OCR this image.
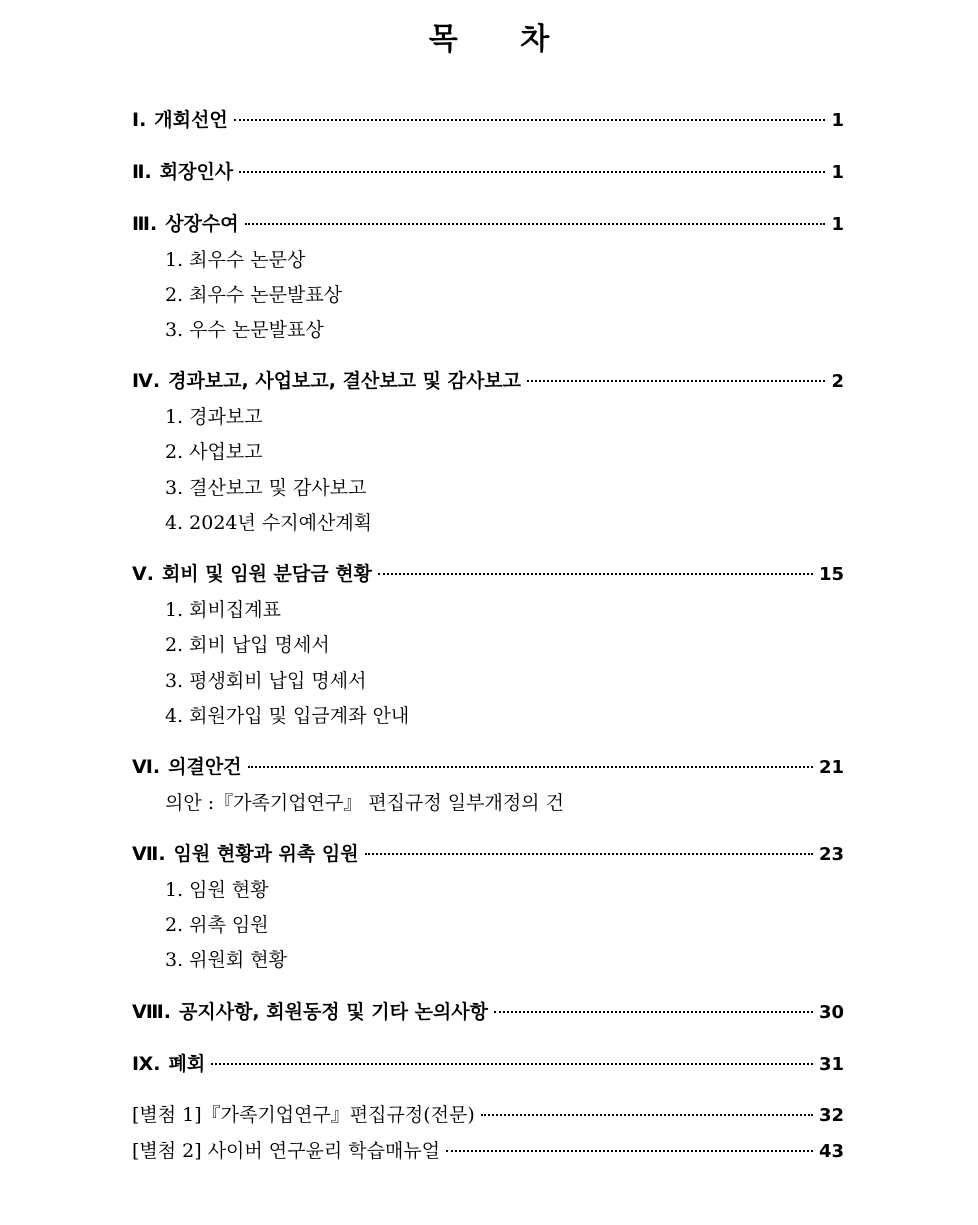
목 차
Ⅰ. 개회선언	1
Ⅱ. 회장인사	1
Ⅲ. 상장수여	1
1. 최우수 논문상
2. 최우수 논문발표상
3. 우수 논문발표상
Ⅳ. 경과보고, 사업보고, 결산보고 및 감사보고	2
1. 경과보고
2. 사업보고
3. 결산보고 및 감사보고
4. 2024년 수지예산계획
Ⅴ. 회비 및 임원 분담금 현황	15
1. 회비집계표
2. 회비 납입 명세서
3. 평생회비 납입 명세서
4. 회원가입 및 입금계좌 안내
Ⅵ. 의결안건	21
의안 :『가족기업연구』 편집규정 일부개정의 건
Ⅶ. 임원 현황과 위촉 임원	23
1. 임원 현황
2. 위촉 임원
3. 위원회 현황
Ⅷ. 공지사항, 회원동정 및 기타 논의사항	30
Ⅸ. 폐회	31
[별첨 1]『가족기업연구』편집규정(전문)	32
[별첨 2] 사이버 연구윤리 학습매뉴얼	43
